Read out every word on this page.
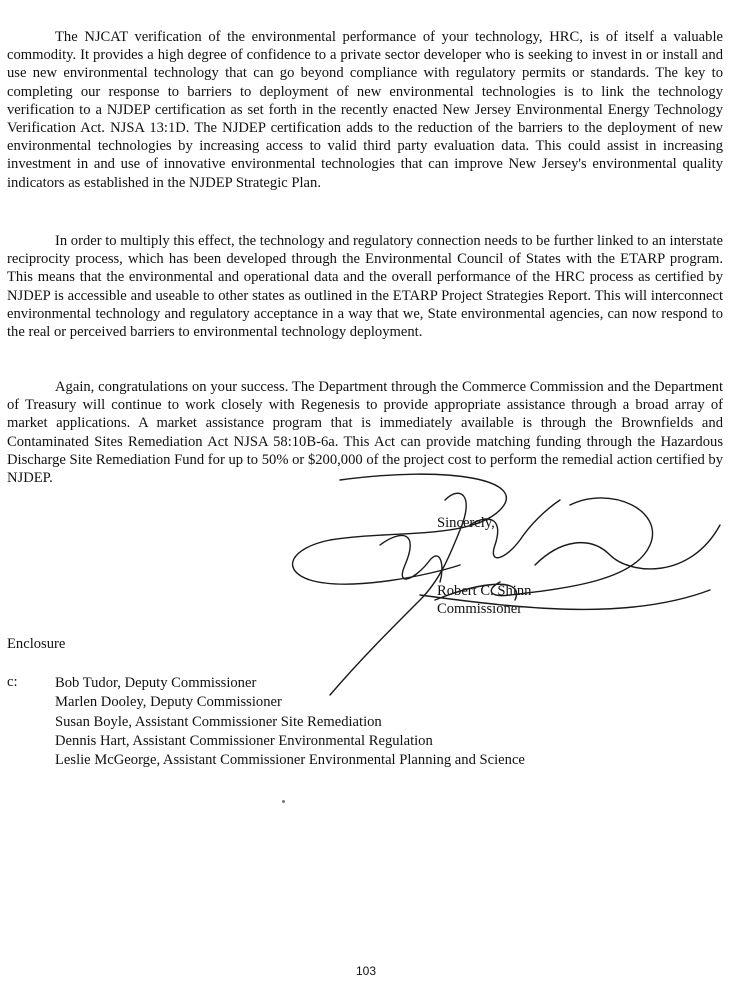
The NJCAT verification of the environmental performance of your technology, HRC, is of itself a valuable commodity. It provides a high degree of confidence to a private sector developer who is seeking to invest in or install and use new environmental technology that can go beyond compliance with regulatory permits or standards. The key to completing our response to barriers to deployment of new environmental technologies is to link the technology verification to a NJDEP certification as set forth in the recently enacted New Jersey Environmental Energy Technology Verification Act. NJSA 13:1D. The NJDEP certification adds to the reduction of the barriers to the deployment of new environmental technologies by increasing access to valid third party evaluation data. This could assist in increasing investment in and use of innovative environmental technologies that can improve New Jersey's environmental quality indicators as established in the NJDEP Strategic Plan.

In order to multiply this effect, the technology and regulatory connection needs to be further linked to an interstate reciprocity process, which has been developed through the Environmental Council of States with the ETARP program. This means that the environmental and operational data and the overall performance of the HRC process as certified by NJDEP is accessible and useable to other states as outlined in the ETARP Project Strategies Report. This will interconnect environmental technology and regulatory acceptance in a way that we, State environmental agencies, can now respond to the real or perceived barriers to environmental technology deployment.

Again, congratulations on your success. The Department through the Commerce Commission and the Department of Treasury will continue to work closely with Regenesis to provide appropriate assistance through a broad array of market applications. A market assistance program that is immediately available is through the Brownfields and Contaminated Sites Remediation Act NJSA 58:10B-6a. This Act can provide matching funding through the Hazardous Discharge Site Remediation Fund for up to 50% or $200,000 of the project cost to perform the remedial action certified by NJDEP.

Sincerely,
Robert C. Shinn
Commissioner
Enclosure
c:	Bob Tudor, Deputy Commissioner
Marlen Dooley, Deputy Commissioner
Susan Boyle, Assistant Commissioner Site Remediation
Dennis Hart, Assistant Commissioner Environmental Regulation
Leslie McGeorge, Assistant Commissioner Environmental Planning and Science
103
